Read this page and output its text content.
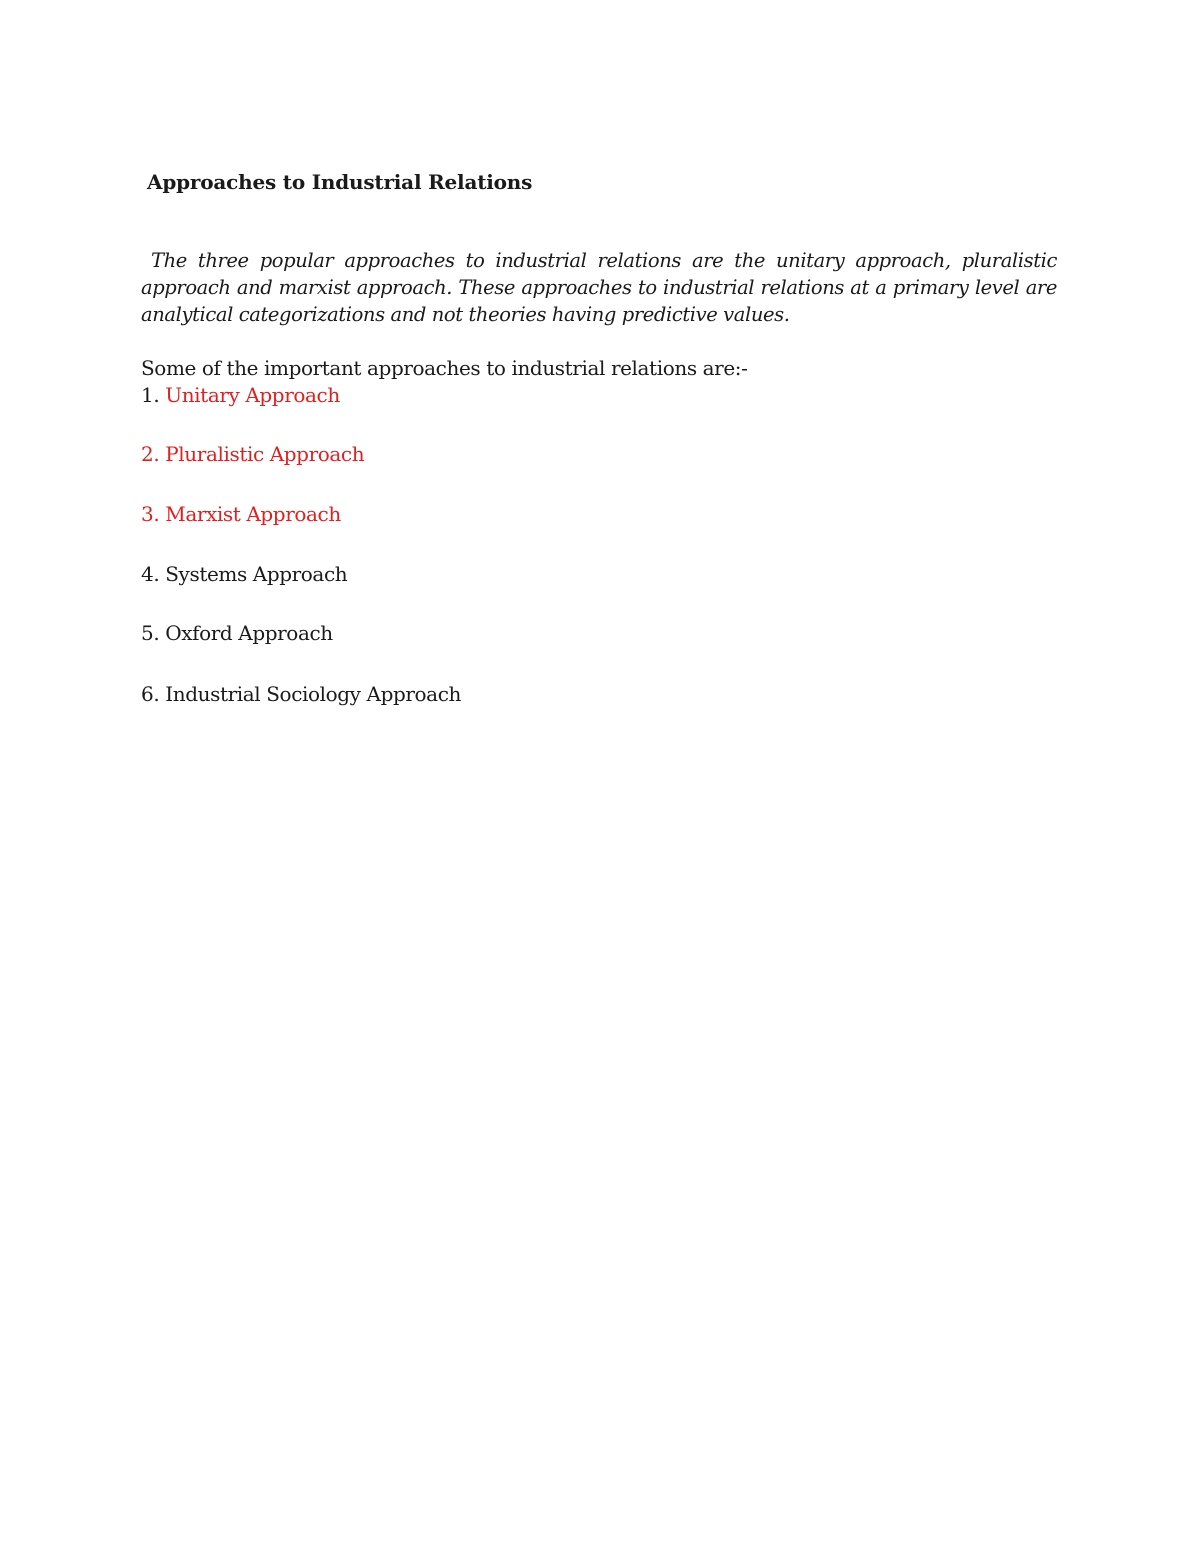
Approaches to Industrial Relations

The three popular approaches to industrial relations are the unitary approach, pluralistic approach and marxist approach. These approaches to industrial relations at a primary level are analytical categorizations and not theories having predictive values.

Some of the important approaches to industrial relations are:-

1. Unitary Approach

2. Pluralistic Approach

3. Marxist Approach

4. Systems Approach

5. Oxford Approach

6. Industrial Sociology Approach
